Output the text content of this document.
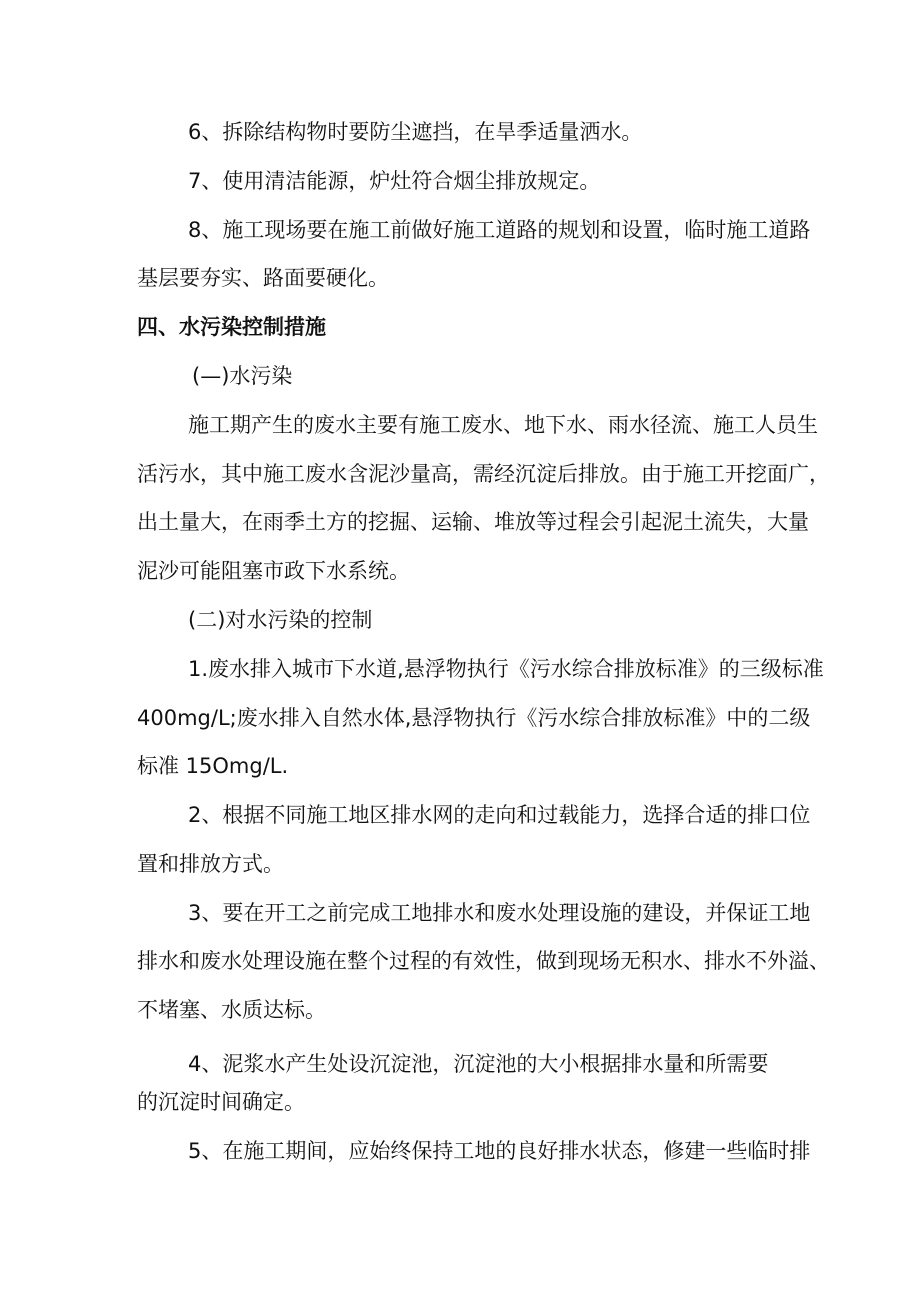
6、拆除结构物时要防尘遮挡，在旱季适量洒水。
7、使用清洁能源，炉灶符合烟尘排放规定。
8、施工现场要在施工前做好施工道路的规划和设置，临时施工道路
基层要夯实、路面要硬化。
四、水污染控制措施
(—)水污染
施工期产生的废水主要有施工废水、地下水、雨水径流、施工人员生
活污水，其中施工废水含泥沙量高，需经沉淀后排放。由于施工开挖面广，
出土量大，在雨季土方的挖掘、运输、堆放等过程会引起泥土流失，大量
泥沙可能阻塞市政下水系统。
(二)对水污染的控制
1.废水排入城市下水道,悬浮物执行《污水综合排放标准》的三级标准
400mg/L;废水排入自然水体,悬浮物执行《污水综合排放标准》中的二级
标准 15Omg/L.
2、根据不同施工地区排水网的走向和过载能力，选择合适的排口位
置和排放方式。
3、要在开工之前完成工地排水和废水处理设施的建设，并保证工地
排水和废水处理设施在整个过程的有效性，做到现场无积水、排水不外溢、
不堵塞、水质达标。
4、泥浆水产生处设沉淀池，沉淀池的大小根据排水量和所需要
的沉淀时间确定。
5、在施工期间，应始终保持工地的良好排水状态，修建一些临时排
